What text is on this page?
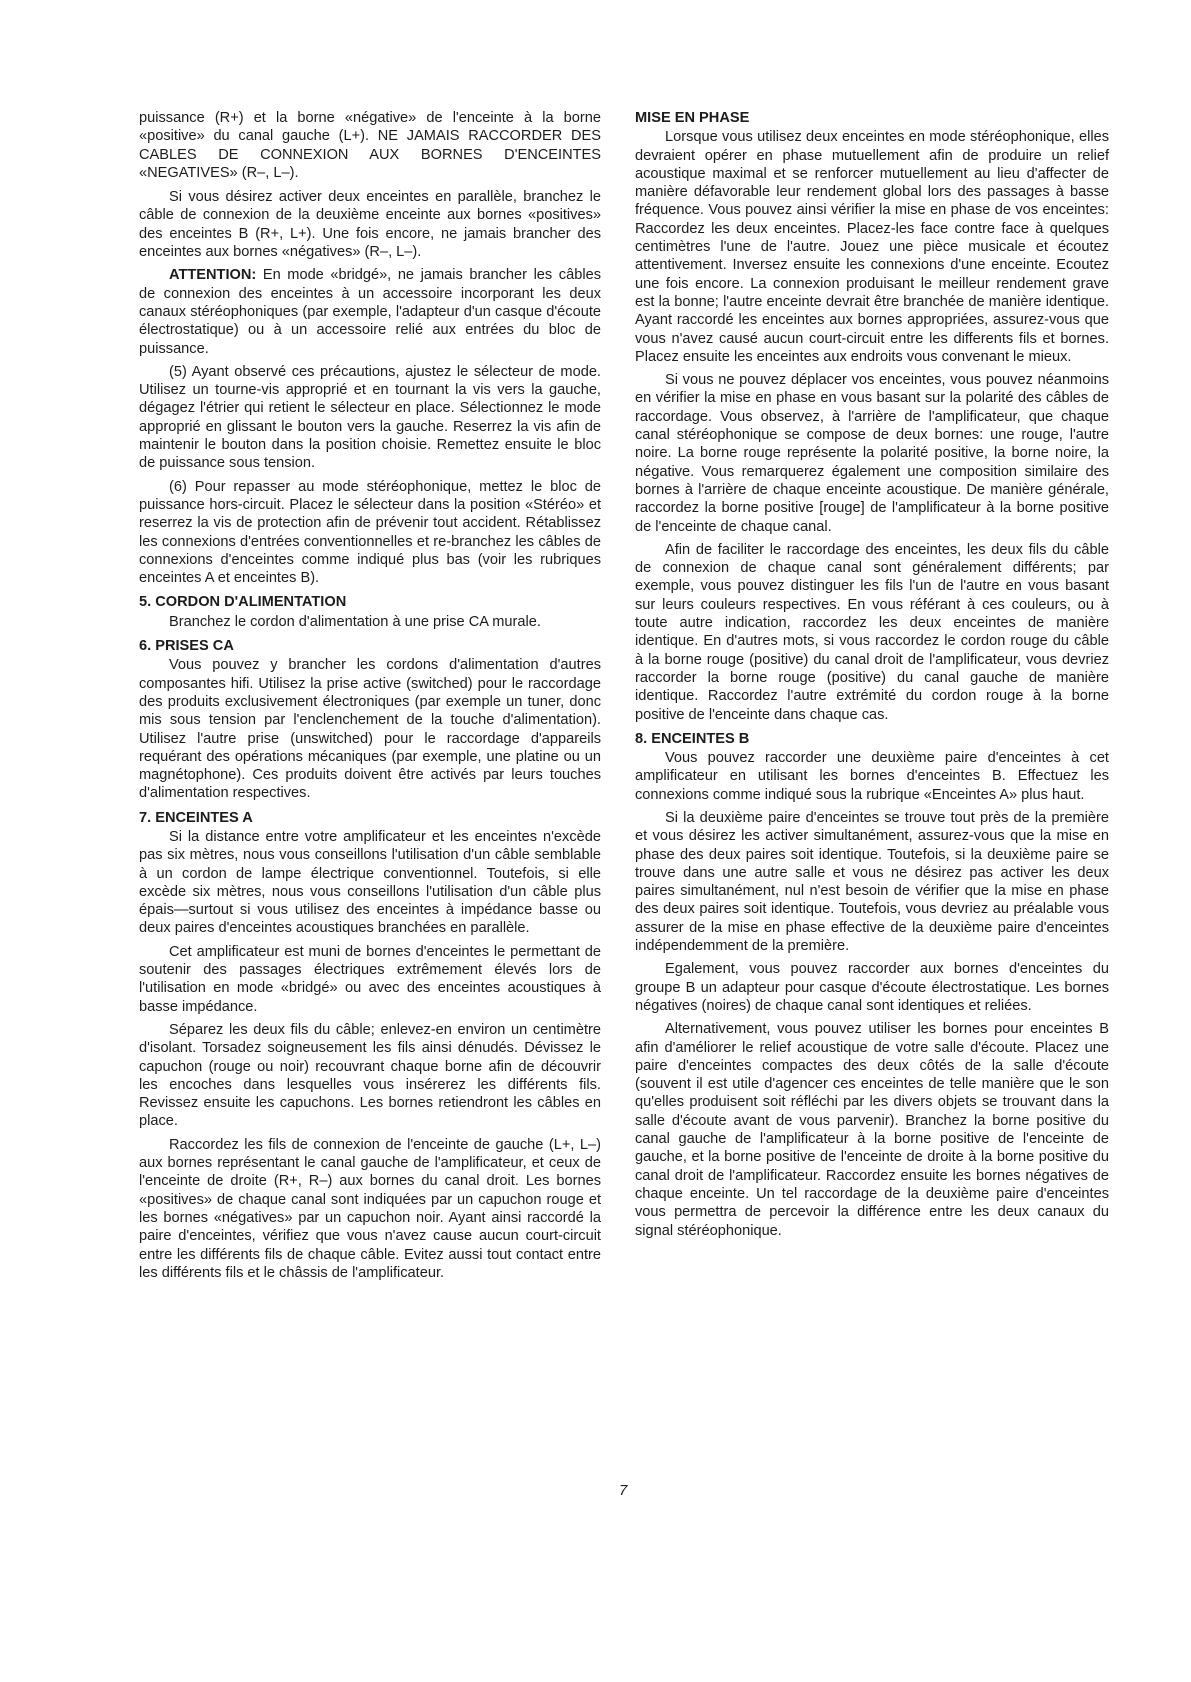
puissance (R+) et la borne «négative» de l'enceinte à la borne «positive» du canal gauche (L+). NE JAMAIS RACCORDER DES CABLES DE CONNEXION AUX BORNES D'ENCEINTES «NEGATIVES» (R–, L–).

Si vous désirez activer deux enceintes en parallèle, branchez le câble de connexion de la deuxième enceinte aux bornes «positives» des enceintes B (R+, L+). Une fois encore, ne jamais brancher des enceintes aux bornes «négatives» (R–, L–).

ATTENTION: En mode «bridgé», ne jamais brancher les câbles de connexion des enceintes à un accessoire incorporant les deux canaux stéréophoniques (par exemple, l'adapteur d'un casque d'écoute électrostatique) ou à un accessoire relié aux entrées du bloc de puissance.

(5) Ayant observé ces précautions, ajustez le sélecteur de mode. Utilisez un tourne-vis approprié et en tournant la vis vers la gauche, dégagez l'étrier qui retient le sélecteur en place. Sélectionnez le mode approprié en glissant le bouton vers la gauche. Reserrez la vis afin de maintenir le bouton dans la position choisie. Remettez ensuite le bloc de puissance sous tension.

(6) Pour repasser au mode stéréophonique, mettez le bloc de puissance hors-circuit. Placez le sélecteur dans la position «Stéréo» et reserrez la vis de protection afin de prévenir tout accident. Rétablissez les connexions d'entrées conventionnelles et re-branchez les câbles de connexions d'enceintes comme indiqué plus bas (voir les rubriques enceintes A et enceintes B).

5. CORDON D'ALIMENTATION

Branchez le cordon d'alimentation à une prise CA murale.

6. PRISES CA

Vous pouvez y brancher les cordons d'alimentation d'autres composantes hifi. Utilisez la prise active (switched) pour le raccordage des produits exclusivement électroniques (par exemple un tuner, donc mis sous tension par l'enclenchement de la touche d'alimentation). Utilisez l'autre prise (unswitched) pour le raccordage d'appareils requérant des opérations mécaniques (par exemple, une platine ou un magnétophone). Ces produits doivent être activés par leurs touches d'alimentation respectives.

7. ENCEINTES A

Si la distance entre votre amplificateur et les enceintes n'excède pas six mètres, nous vous conseillons l'utilisation d'un câble semblable à un cordon de lampe électrique conventionnel. Toutefois, si elle excède six mètres, nous vous conseillons l'utilisation d'un câble plus épais—surtout si vous utilisez des enceintes à impédance basse ou deux paires d'enceintes acoustiques branchées en parallèle.

Cet amplificateur est muni de bornes d'enceintes le permettant de soutenir des passages électriques extrêmement élevés lors de l'utilisation en mode «bridgé» ou avec des enceintes acoustiques à basse impédance.

Séparez les deux fils du câble; enlevez-en environ un centimètre d'isolant. Torsadez soigneusement les fils ainsi dénudés. Dévissez le capuchon (rouge ou noir) recouvrant chaque borne afin de découvrir les encoches dans lesquelles vous insérerez les différents fils. Revissez ensuite les capuchons. Les bornes retiendront les câbles en place.

Raccordez les fils de connexion de l'enceinte de gauche (L+, L–) aux bornes représentant le canal gauche de l'amplificateur, et ceux de l'enceinte de droite (R+, R–) aux bornes du canal droit. Les bornes «positives» de chaque canal sont indiquées par un capuchon rouge et les bornes «négatives» par un capuchon noir. Ayant ainsi raccordé la paire d'enceintes, vérifiez que vous n'avez cause aucun court-circuit entre les différents fils de chaque câble. Evitez aussi tout contact entre les différents fils et le châssis de l'amplificateur.

MISE EN PHASE

Lorsque vous utilisez deux enceintes en mode stéréophonique, elles devraient opérer en phase mutuellement afin de produire un relief acoustique maximal et se renforcer mutuellement au lieu d'affecter de manière défavorable leur rendement global lors des passages à basse fréquence. Vous pouvez ainsi vérifier la mise en phase de vos enceintes: Raccordez les deux enceintes. Placez-les face contre face à quelques centimètres l'une de l'autre. Jouez une pièce musicale et écoutez attentivement. Inversez ensuite les connexions d'une enceinte. Ecoutez une fois encore. La connexion produisant le meilleur rendement grave est la bonne; l'autre enceinte devrait être branchée de manière identique. Ayant raccordé les enceintes aux bornes appropriées, assurez-vous que vous n'avez causé aucun court-circuit entre les differents fils et bornes. Placez ensuite les enceintes aux endroits vous convenant le mieux.

Si vous ne pouvez déplacer vos enceintes, vous pouvez néanmoins en vérifier la mise en phase en vous basant sur la polarité des câbles de raccordage. Vous observez, à l'arrière de l'amplificateur, que chaque canal stéréophonique se compose de deux bornes: une rouge, l'autre noire. La borne rouge représente la polarité positive, la borne noire, la négative. Vous remarquerez également une composition similaire des bornes à l'arrière de chaque enceinte acoustique. De manière générale, raccordez la borne positive [rouge] de l'amplificateur à la borne positive de l'enceinte de chaque canal.

Afin de faciliter le raccordage des enceintes, les deux fils du câble de connexion de chaque canal sont généralement différents; par exemple, vous pouvez distinguer les fils l'un de l'autre en vous basant sur leurs couleurs respectives. En vous référant à ces couleurs, ou à toute autre indication, raccordez les deux enceintes de manière identique. En d'autres mots, si vous raccordez le cordon rouge du câble à la borne rouge (positive) du canal droit de l'amplificateur, vous devriez raccorder la borne rouge (positive) du canal gauche de manière identique. Raccordez l'autre extrémité du cordon rouge à la borne positive de l'enceinte dans chaque cas.

8. ENCEINTES B

Vous pouvez raccorder une deuxième paire d'enceintes à cet amplificateur en utilisant les bornes d'enceintes B. Effectuez les connexions comme indiqué sous la rubrique «Enceintes A» plus haut.

Si la deuxième paire d'enceintes se trouve tout près de la première et vous désirez les activer simultanément, assurez-vous que la mise en phase des deux paires soit identique. Toutefois, si la deuxième paire se trouve dans une autre salle et vous ne désirez pas activer les deux paires simultanément, nul n'est besoin de vérifier que la mise en phase des deux paires soit identique. Toutefois, vous devriez au préalable vous assurer de la mise en phase effective de la deuxième paire d'enceintes indépendemment de la première.

Egalement, vous pouvez raccorder aux bornes d'enceintes du groupe B un adapteur pour casque d'écoute électrostatique. Les bornes négatives (noires) de chaque canal sont identiques et reliées.

Alternativement, vous pouvez utiliser les bornes pour enceintes B afin d'améliorer le relief acoustique de votre salle d'écoute. Placez une paire d'enceintes compactes des deux côtés de la salle d'écoute (souvent il est utile d'agencer ces enceintes de telle manière que le son qu'elles produisent soit réfléchi par les divers objets se trouvant dans la salle d'écoute avant de vous parvenir). Branchez la borne positive du canal gauche de l'amplificateur à la borne positive de l'enceinte de gauche, et la borne positive de l'enceinte de droite à la borne positive du canal droit de l'amplificateur. Raccordez ensuite les bornes négatives de chaque enceinte. Un tel raccordage de la deuxième paire d'enceintes vous permettra de percevoir la différence entre les deux canaux du signal stéréophonique.

7
